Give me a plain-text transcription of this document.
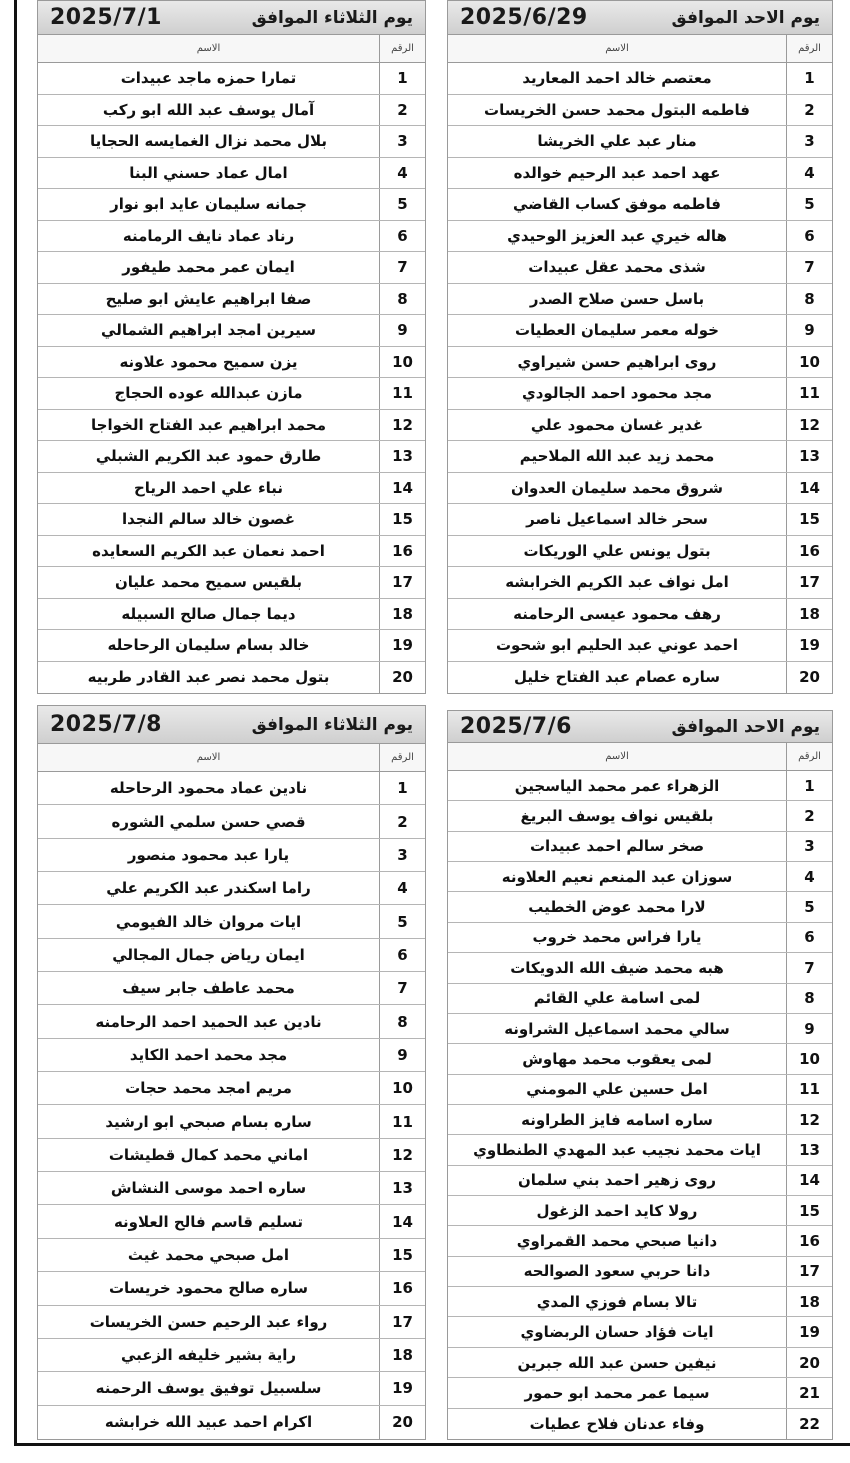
يوم الاحد الموافق
2025/6/29
الرقم
الاسم
1
معتصم خالد احمد المعاريد
2
فاطمه البتول محمد حسن الخريسات
3
منار عبد علي الخريشا
4
عهد احمد عبد الرحيم خوالده
5
فاطمه موفق كساب القاضي
6
هاله خيري عبد العزيز الوحيدي
7
شذى محمد عقل عبيدات
8
باسل حسن صلاح الصدر
9
خوله معمر سليمان العطيات
10
روى ابراهيم حسن شيراوي
11
مجد محمود احمد الجالودي
12
غدير غسان محمود علي
13
محمد زيد عبد الله الملاحيم
14
شروق محمد سليمان العدوان
15
سحر خالد اسماعيل ناصر
16
بتول يونس علي الوريكات
17
امل نواف عبد الكريم الخرابشه
18
رهف محمود عيسى الرحامنه
19
احمد عوني عبد الحليم ابو شحوت
20
ساره عصام عبد الفتاح خليل
يوم الثلاثاء الموافق
2025/7/1
الرقم
الاسم
1
تمارا حمزه ماجد عبيدات
2
آمال يوسف عبد الله ابو ركب
3
بلال محمد نزال الغمايسه الحجايا
4
امال عماد حسني البنا
5
جمانه سليمان عايد ابو نوار
6
رناد عماد نايف الرمامنه
7
ايمان عمر محمد طيفور
8
صفا ابراهيم عايش ابو صليح
9
سيرين امجد ابراهيم الشمالي
10
يزن سميح محمود علاونه
11
مازن عبدالله عوده الحجاج
12
محمد ابراهيم عبد الفتاح الخواجا
13
طارق حمود عبد الكريم الشبلي
14
نباء علي احمد الرياح
15
غصون خالد سالم النجدا
16
احمد نعمان عبد الكريم السعايده
17
بلقيس سميح محمد عليان
18
ديما جمال صالح السبيله
19
خالد بسام سليمان الرحاحله
20
بتول محمد نصر عبد القادر طربيه
يوم الاحد الموافق
2025/7/6
الرقم
الاسم
1
الزهراء عمر محمد الياسجين
2
بلقيس نواف يوسف البريغ
3
صخر سالم احمد عبيدات
4
سوزان عبد المنعم نعيم العلاونه
5
لارا محمد عوض الخطيب
6
يارا فراس محمد خروب
7
هبه محمد ضيف الله الدويكات
8
لمى اسامة علي القائم
9
سالي محمد اسماعيل الشراونه
10
لمى يعقوب محمد مهاوش
11
امل حسين علي المومني
12
ساره اسامه فايز الطراونه
13
ايات محمد نجيب عبد المهدي الطنطاوي
14
روى زهير احمد بني سلمان
15
رولا كايد احمد الزغول
16
دانيا صبحي محمد القمراوي
17
دانا حربي سعود الصوالحه
18
تالا بسام فوزي المدي
19
ايات فؤاد حسان الربضاوي
20
نيفين حسن عبد الله جبرين
21
سيما عمر محمد ابو حمور
22
وفاء عدنان فلاح عطيات
يوم الثلاثاء الموافق
2025/7/8
الرقم
الاسم
1
نادين عماد محمود الرحاحله
2
قصي حسن سلمي الشوره
3
يارا عبد محمود منصور
4
راما اسكندر عبد الكريم علي
5
ايات مروان خالد الفيومي
6
ايمان رياض جمال المجالي
7
محمد عاطف جابر سيف
8
نادين عبد الحميد احمد الرحامنه
9
مجد محمد احمد الكايد
10
مريم امجد محمد حجات
11
ساره بسام صبحي ابو ارشيد
12
اماني محمد كمال قطيشات
13
ساره احمد موسى النشاش
14
تسليم قاسم فالح العلاونه
15
امل صبحي محمد غيث
16
ساره صالح محمود خريسات
17
رواء عبد الرحيم حسن الخريسات
18
راية بشير خليفه الزعبي
19
سلسبيل توفيق يوسف الرحمنه
20
اكرام احمد عبيد الله خرابشه
